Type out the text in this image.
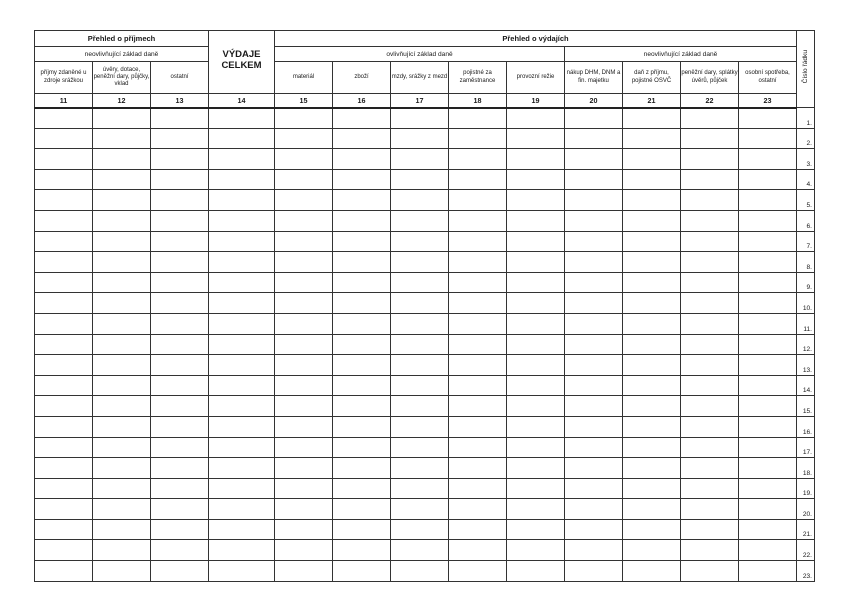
Přehled o příjmech			VÝDAJE CELKEM	Přehled o výdajích									Číslo řádku
neovlivňující základ daně				ovlivňující základ daně					neovlivňující základ daně				
příjmy zdaněné u zdroje srážkou	úvěry, dotace, peněžní dary, půjčky, vklad	ostatní		materiál	zboží	mzdy, srážky z mezd	pojistné za zaměstnance	provozní režie	nákup DHM, DNM a fin. majetku	daň z příjmu, pojistné OSVČ	peněžní dary, splátky úvěrů, půjček	osobní spotřeba, ostatní	
11	12	13	14	15	16	17	18	19	20	21	22	23	
													1.
													2.
													3.
													4.
													5.
													6.
													7.
													8.
													9.
													10.
													11.
													12.
													13.
													14.
													15.
													16.
													17.
													18.
													19.
													20.
													21.
													22.
													23.
